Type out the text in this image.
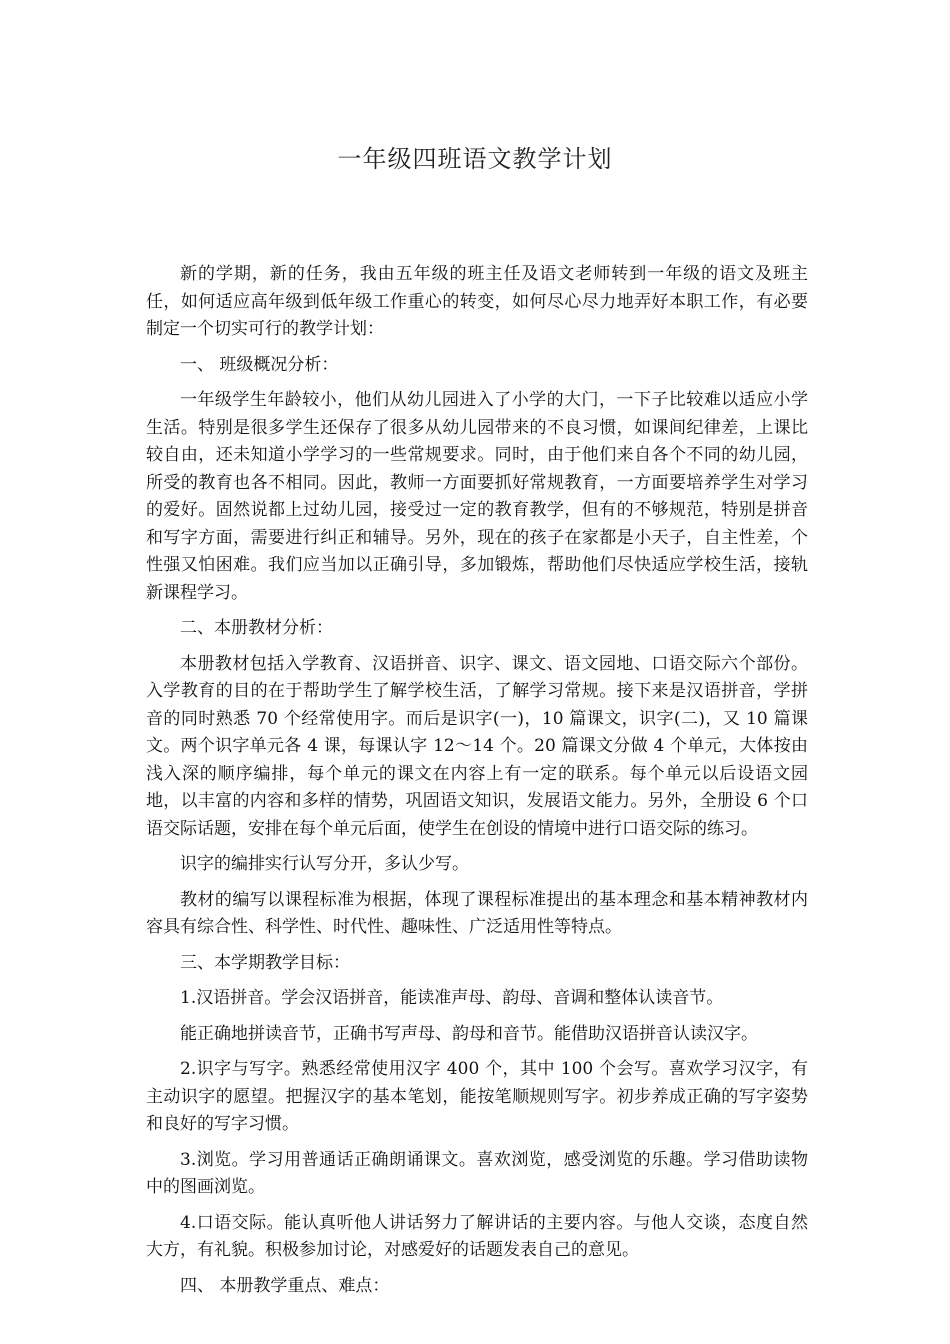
一年级四班语文教学计划

新的学期，新的任务，我由五年级的班主任及语文老师转到一年级的语文及班主任，如何适应高年级到低年级工作重心的转变，如何尽心尽力地弄好本职工作，有必要制定一个切实可行的教学计划：

一、 班级概况分析：

一年级学生年龄较小，他们从幼儿园进入了小学的大门，一下子比较难以适应小学生活。特别是很多学生还保存了很多从幼儿园带来的不良习惯，如课间纪律差，上课比较自由，还未知道小学学习的一些常规要求。同时，由于他们来自各个不同的幼儿园，所受的教育也各不相同。因此，教师一方面要抓好常规教育，一方面要培养学生对学习的爱好。固然说都上过幼儿园，接受过一定的教育教学，但有的不够规范，特别是拼音和写字方面，需要进行纠正和辅导。另外，现在的孩子在家都是小天子，自主性差，个性强又怕困难。我们应当加以正确引导，多加锻炼，帮助他们尽快适应学校生活，接轨新课程学习。

二、本册教材分析：

本册教材包括入学教育、汉语拼音、识字、课文、语文园地、口语交际六个部份。入学教育的目的在于帮助学生了解学校生活，了解学习常规。接下来是汉语拼音，学拼音的同时熟悉 70 个经常使用字。而后是识字(一)，10 篇课文，识字(二)，又 10 篇课文。两个识字单元各 4 课，每课认字 12～14 个。20 篇课文分做 4 个单元，大体按由浅入深的顺序编排，每个单元的课文在内容上有一定的联系。每个单元以后设语文园地，以丰富的内容和多样的情势，巩固语文知识，发展语文能力。另外，全册设 6 个口语交际话题，安排在每个单元后面，使学生在创设的情境中进行口语交际的练习。

识字的编排实行认写分开，多认少写。

教材的编写以课程标准为根据，体现了课程标准提出的基本理念和基本精神教材内容具有综合性、科学性、时代性、趣味性、广泛适用性等特点。

三、本学期教学目标：

1.汉语拼音。学会汉语拼音，能读准声母、韵母、音调和整体认读音节。

能正确地拼读音节，正确书写声母、韵母和音节。能借助汉语拼音认读汉字。

2.识字与写字。熟悉经常使用汉字 400 个，其中 100 个会写。喜欢学习汉字，有主动识字的愿望。把握汉字的基本笔划，能按笔顺规则写字。初步养成正确的写字姿势和良好的写字习惯。

3.浏览。学习用普通话正确朗诵课文。喜欢浏览，感受浏览的乐趣。学习借助读物中的图画浏览。

4.口语交际。能认真听他人讲话努力了解讲话的主要内容。与他人交谈，态度自然大方，有礼貌。积极参加讨论，对感爱好的话题发表自己的意见。

四、 本册教学重点、难点：
